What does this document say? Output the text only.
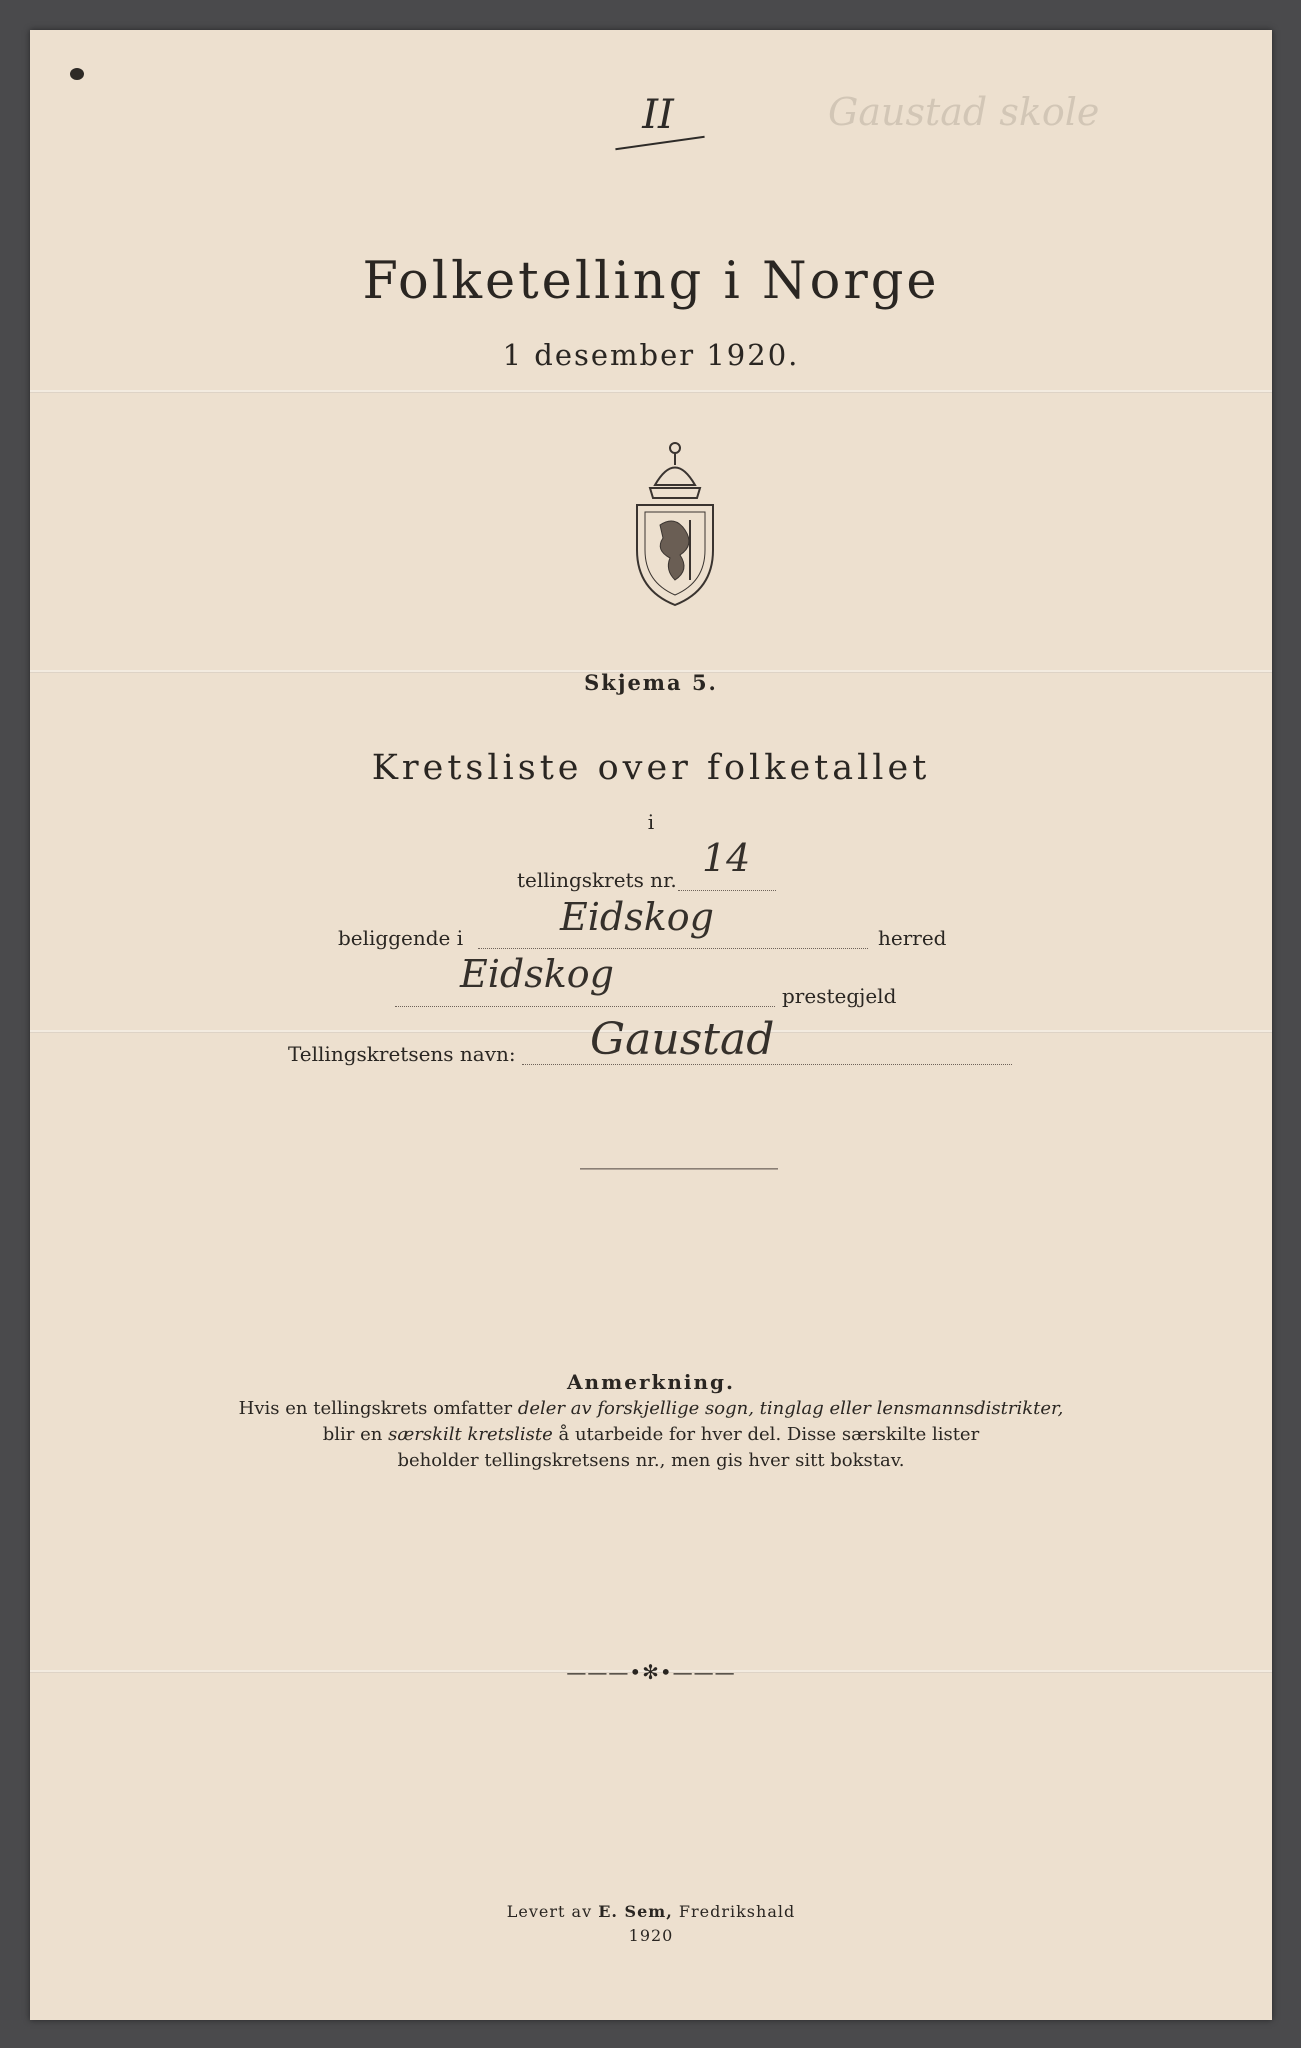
II	Gaustad skole
Folketelling i Norge
1 desember 1920.
Skjema 5.
Kretsliste over folketallet
i
tellingskrets nr. 14
beliggende i	Eidskog	herred
Eidskog	prestegjeld
Tellingskretsens navn: Gaustad
Anmerkning.
Hvis en tellingskrets omfatter deler av forskjellige sogn, tinglag eller lensmannsdistrikter,
blir en særskilt kretsliste å utarbeide for hver del. Disse særskilte lister
beholder tellingskretsens nr., men gis hver sitt bokstav.
———•✻•———
Levert av E. Sem, Fredrikshald
1920
